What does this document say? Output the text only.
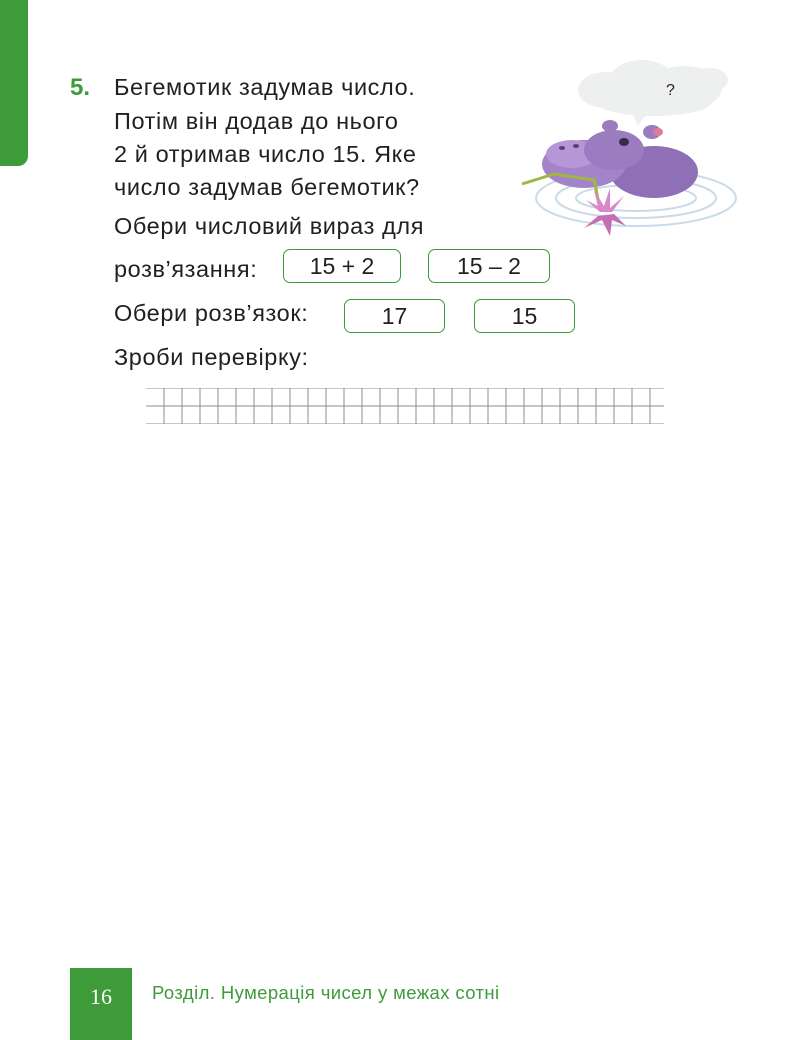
5. Бегемотик задумав число.
Потім він додав до нього
2 й отримав число 15. Яке
число задумав бегемотик?
Обери числовий вираз для
розв’язання:	15 + 2	15 – 2
Обери розв’язок:	17	15
Зроби перевірку:
?
16	Розділ. Нумерація чисел у межах сотні
